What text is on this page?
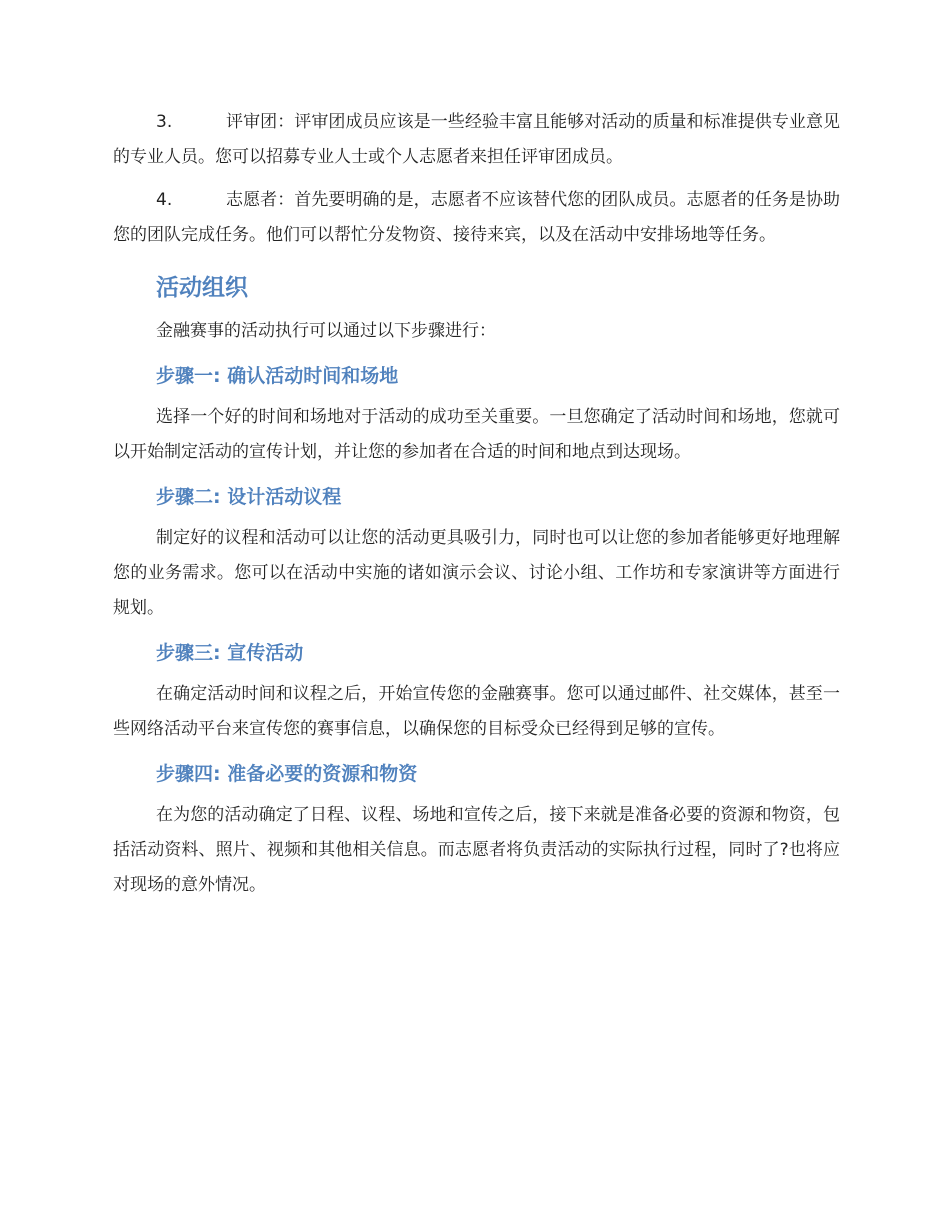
3.	评审团：评审团成员应该是一些经验丰富且能够对活动的质量和标准提供专业意见的专业人员。您可以招募专业人士或个人志愿者来担任评审团成员。

4.	志愿者：首先要明确的是，志愿者不应该替代您的团队成员。志愿者的任务是协助您的团队完成任务。他们可以帮忙分发物资、接待来宾，以及在活动中安排场地等任务。

活动组织

金融赛事的活动执行可以通过以下步骤进行：

步骤一: 确认活动时间和场地

选择一个好的时间和场地对于活动的成功至关重要。一旦您确定了活动时间和场地，您就可以开始制定活动的宣传计划，并让您的参加者在合适的时间和地点到达现场。

步骤二: 设计活动议程

制定好的议程和活动可以让您的活动更具吸引力，同时也可以让您的参加者能够更好地理解您的业务需求。您可以在活动中实施的诸如演示会议、讨论小组、工作坊和专家演讲等方面进行规划。

步骤三: 宣传活动

在确定活动时间和议程之后，开始宣传您的金融赛事。您可以通过邮件、社交媒体，甚至一些网络活动平台来宣传您的赛事信息，以确保您的目标受众已经得到足够的宣传。

步骤四: 准备必要的资源和物资

在为您的活动确定了日程、议程、场地和宣传之后，接下来就是准备必要的资源和物资，包括活动资料、照片、视频和其他相关信息。而志愿者将负责活动的实际执行过程，同时了?也将应对现场的意外情况。
